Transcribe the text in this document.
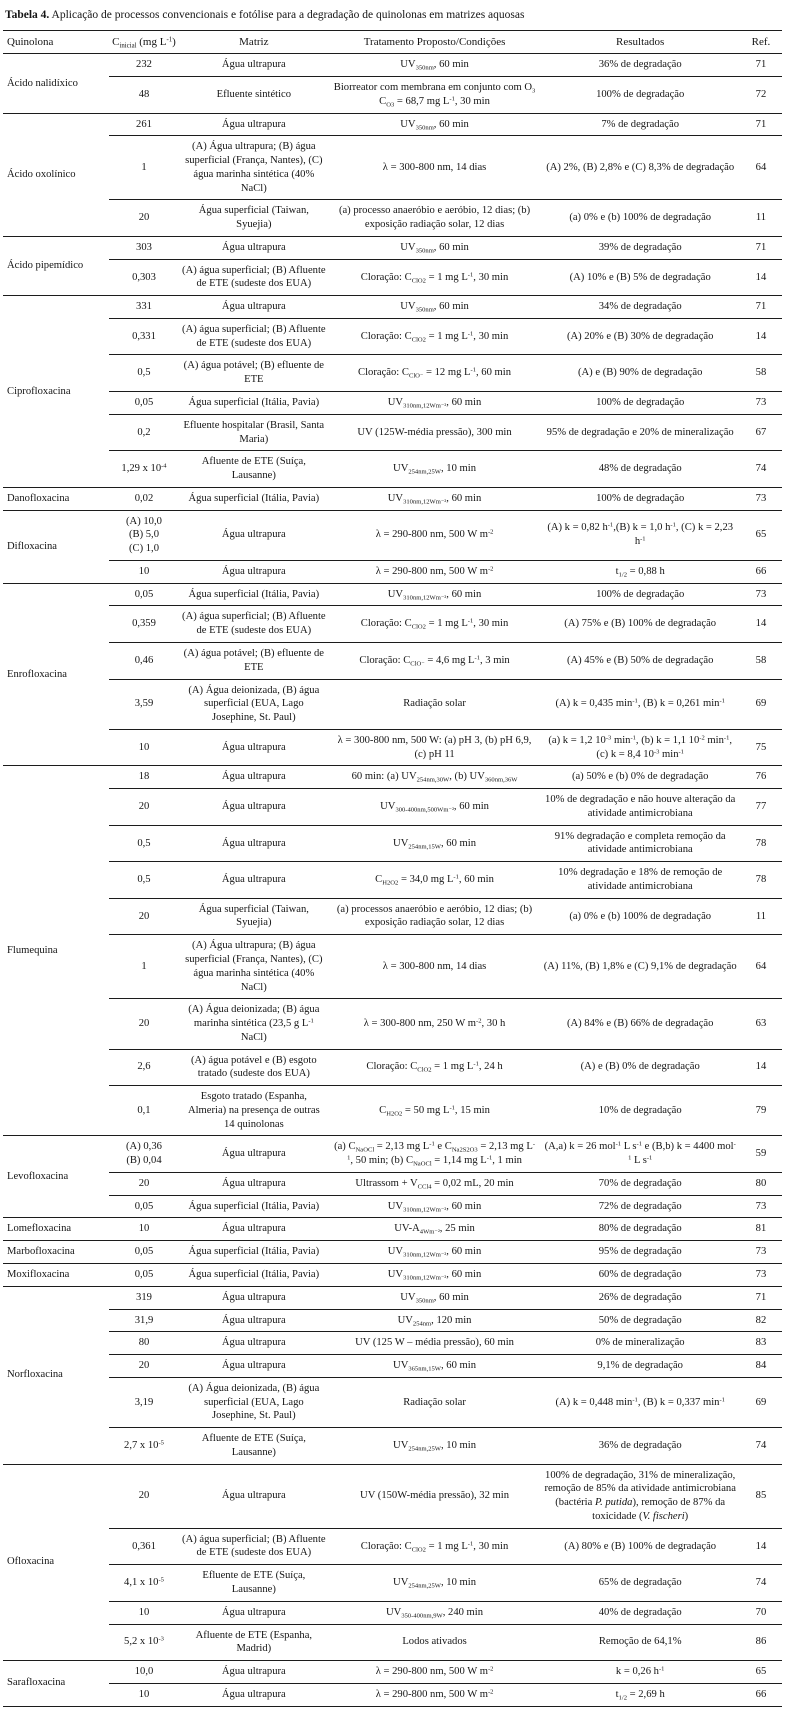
Tabela 4. Aplicação de processos convencionais e fotólise para a degradação de quinolonas em matrizes aquosas

Quinolona	$C_{inicial}$ (mg $L^{-1}$)	Matriz	Tratamento Proposto/Condições	Resultados	Ref.
Ácido nalidíxico	232	Água ultrapura	$UV_{350nm}$, 60 min	36% de degradação	71
	48	Efluente sintético	Biorreator com membrana em conjunto com $O_3$
$C_{O3} = 68,7$ mg $L^{-1}$, 30 min	100% de degradação	72
Ácido oxolínico	261	Água ultrapura	$UV_{350nm}$, 60 min	7% de degradação	71
	1	(A) Água ultrapura; (B) água superficial (França, Nantes), (C) água marinha sintética (40% NaCl)	λ = 300-800 nm, 14 dias	(A) 2%, (B) 2,8% e (C) 8,3% de degradação	64
	20	Água superficial (Taiwan, Syuejia)	(a) processo anaeróbio e aeróbio, 12 dias; (b) exposição radiação solar, 12 dias	(a) 0% e (b) 100% de degradação	11
Ácido pipemídico	303	Água ultrapura	$UV_{350nm}$, 60 min	39% de degradação	71
	0,303	(A) água superficial; (B) Afluente de ETE (sudeste dos EUA)	Cloração: $C_{ClO2} = 1$ mg $L^{-1}$, 30 min	(A) 10% e (B) 5% de degradação	14
Ciprofloxacina	331	Água ultrapura	$UV_{350nm}$, 60 min	34% de degradação	71
	0,331	(A) água superficial; (B) Afluente de ETE (sudeste dos EUA)	Cloração: $C_{ClO2} = 1$ mg $L^{-1}$, 30 min	(A) 20% e (B) 30% de degradação	14
	0,5	(A) água potável; (B) efluente de ETE	Cloração: $C_{ClO^-} = 12$ mg $L^{-1}$, 60 min	(A) e (B) 90% de degradação	58
	0,05	Água superficial (Itália, Pavia)	$UV_{310nm,12Wm^{-2}}$, 60 min	100% de degradação	73
	0,2	Efluente hospitalar (Brasil, Santa Maria)	UV (125W-média pressão), 300 min	95% de degradação e 20% de mineralização	67
	1,29 x $10^{-4}$	Afluente de ETE (Suíça, Lausanne)	$UV_{254nm,25W}$, 10 min	48% de degradação	74
Danofloxacina	0,02	Água superficial (Itália, Pavia)	$UV_{310nm,12Wm^{-2}}$, 60 min	100% de degradação	73
Difloxacina	(A) 10,0
(B) 5,0
(C) 1,0	Água ultrapura	λ = 290-800 nm, 500 W $m^{-2}$	(A) k = 0,82 $h^{-1},(B) k = 1,0$ $h^{-1}$, (C) k = 2,23 $h^{-1}$	65
	10	Água ultrapura	λ = 290-800 nm, 500 W $m^{-2}$	$t_{1/2} = 0,88$ h	66
Enrofloxacina	0,05	Água superficial (Itália, Pavia)	$UV_{310nm,12Wm^{-2}}$, 60 min	100% de degradação	73
	0,359	(A) água superficial; (B) Afluente de ETE (sudeste dos EUA)	Cloração: $C_{ClO2} = 1$ mg $L^{-1}$, 30 min	(A) 75% e (B) 100% de degradação	14
	0,46	(A) água potável; (B) efluente de ETE	Cloração: $C_{ClO^-} = 4,6$ mg $L^{-1}$, 3 min	(A) 45% e (B) 50% de degradação	58
	3,59	(A) Água deionizada, (B) água superficial (EUA, Lago Josephine, St. Paul)	Radiação solar	(A) k = 0,435 $\min^{-1}$, (B) k = 0,261 $\min^{-1}$	69
	10	Água ultrapura	λ = 300-800 nm, 500 W: (a) pH 3, (b) pH 6,9, (c) pH 11	(a) k = 1,2 $10^{-3}$ $\min^{-1}$, (b) k = 1,1 $10^{-2}$ $\min^{-1}$, (c) k = 8,4 $10^{-3}$ $\min^{-1}$	75
Flumequina	18	Água ultrapura	60 min: (a) $UV_{254nm,30W}$, (b) $UV_{360nm,36W}$	(a) 50% e (b) 0% de degradação	76
	20	Água ultrapura	$UV_{300-400nm,500Wm^{-2}}$, 60 min	10% de degradação e não houve alteração da atividade antimicrobiana	77
	0,5	Água ultrapura	$UV_{254nm,15W}$, 60 min	91% degradação e completa remoção da atividade antimicrobiana	78
	0,5	Água ultrapura	$C_{H2O2} = 34,0$ mg $L^{-1}$, 60 min	10% degradação e 18% de remoção de atividade antimicrobiana	78
	20	Água superficial (Taiwan, Syuejia)	(a) processos anaeróbio e aeróbio, 12 dias; (b) exposição radiação solar, 12 dias	(a) 0% e (b) 100% de degradação	11
	1	(A) Água ultrapura; (B) água superficial (França, Nantes), (C) água marinha sintética (40% NaCl)	λ = 300-800 nm, 14 dias	(A) 11%, (B) 1,8% e (C) 9,1% de degradação	64
	20	(A) Água deionizada; (B) água marinha sintética (23,5 g $L^{-1}$ NaCl)	λ = 300-800 nm, 250 W $m^{-2}$, 30 h	(A) 84% e (B) 66% de degradação	63
	2,6	(A) água potável e (B) esgoto tratado (sudeste dos EUA)	Cloração: $C_{ClO2} = 1$ mg $L^{-1}$, 24 h	(A) e (B) 0% de degradação	14
	0,1	Esgoto tratado (Espanha, Almeria) na presença de outras 14 quinolonas	$C_{H2O2} = 50$ mg $L^{-1}$, 15 min	10% de degradação	79
Levofloxacina	(A) 0,36
(B) 0,04	Água ultrapura	(a) $C_{NaOCl} = 2,13$ mg $L^{-1}$ e $C_{Na2S2O3} = 2,13$ mg $L^{-1}$, 50 min; (b) $C_{NaOCl} = 1,14$ mg $L^{-1}$, 1 min	(A,a) k = 26 mol$^{-1}$ L $s^{-1}$ e (B,b) k = 4400 mol$^{-1}$ L $s^{-1}$	59
	20	Água ultrapura	Ultrassom + $V_{CCl4} = 0,02$ mL, 20 min	70% de degradação	80
	0,05	Água superficial (Itália, Pavia)	$UV_{310nm,12Wm^{-2}}$, 60 min	72% de degradação	73
Lomefloxacina	10	Água ultrapura	$UV-A_{4Wm^{-2}}$, 25 min	80% de degradação	81
Marbofloxacina	0,05	Água superficial (Itália, Pavia)	$UV_{310nm,12Wm^{-2}}$, 60 min	95% de degradação	73
Moxifloxacina	0,05	Água superficial (Itália, Pavia)	$UV_{310nm,12Wm^{-2}}$, 60 min	60% de degradação	73
Norfloxacina	319	Água ultrapura	$UV_{350nm}$, 60 min	26% de degradação	71
	31,9	Água ultrapura	$UV_{254nm}$, 120 min	50% de degradação	82
	80	Água ultrapura	UV (125 W – média pressão), 60 min	0% de mineralização	83
	20	Água ultrapura	$UV_{365nm,15W}$, 60 min	9,1% de degradação	84
	3,19	(A) Água deionizada, (B) água superficial (EUA, Lago Josephine, St. Paul)	Radiação solar	(A) k = 0,448 $\min^{-1}$, (B) k = 0,337 $\min^{-1}$	69
	2,7 x $10^{-5}$	Afluente de ETE (Suíça, Lausanne)	$UV_{254nm,25W}$, 10 min	36% de degradação	74
Ofloxacina	20	Água ultrapura	UV (150W-média pressão), 32 min	100% de degradação, 31% de mineralização, remoção de 85% da atividade antimicrobiana (bactéria P. putida), remoção de 87% da toxicidade (V. fischeri)	85
	0,361	(A) água superficial; (B) Afluente de ETE (sudeste dos EUA)	Cloração: $C_{ClO2} = 1$ mg $L^{-1}$, 30 min	(A) 80% e (B) 100% de degradação	14
	4,1 x $10^{-5}$	Efluente de ETE (Suíça, Lausanne)	$UV_{254nm,25W}$, 10 min	65% de degradação	74
	10	Água ultrapura	$UV_{350-400nm,9W}$, 240 min	40% de degradação	70
	5,2 x $10^{-3}$	Afluente de ETE (Espanha, Madrid)	Lodos ativados	Remoção de 64,1%	86
Sarafloxacina	10,0	Água ultrapura	λ = 290-800 nm, 500 W $m^{-2}$	k = 0,26 $h^{-1}$	65
	10	Água ultrapura	λ = 290-800 nm, 500 W $m^{-2}$	$t_{1/2} = 2,69$ h	66
